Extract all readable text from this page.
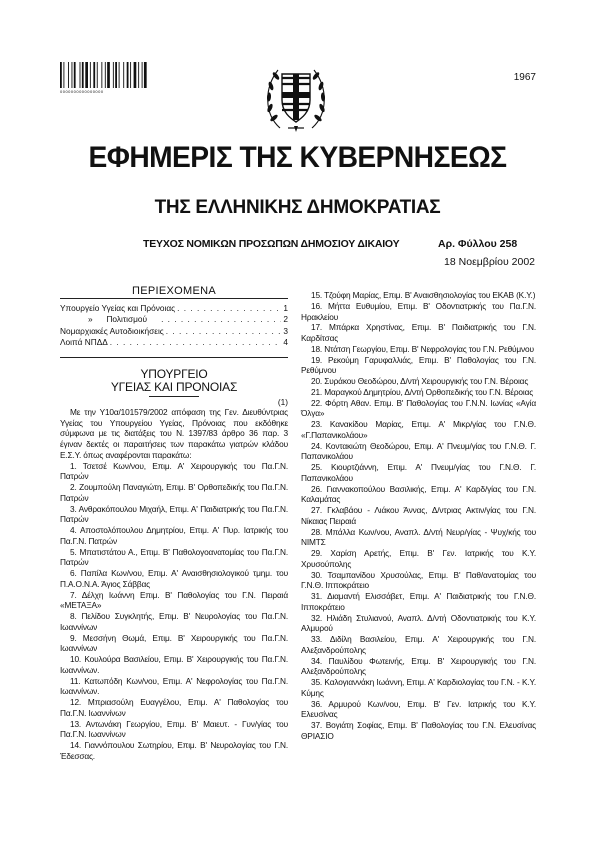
0000000000000000
1967
ΕΦΗΜΕΡΙΣ ΤΗΣ ΚΥΒΕΡΝΗΣΕΩΣ
ΤΗΣ ΕΛΛΗΝΙΚΗΣ ΔΗΜΟΚΡΑΤΙΑΣ
ΤΕΥΧΟΣ ΝΟΜΙΚΩΝ ΠΡΟΣΩΠΩΝ ΔΗΜΟΣΙΟΥ ΔΙΚΑΙΟΥ	Αρ. Φύλλου 258
18 Νοεμβρίου 2002
ΠΕΡΙΕΧΟΜΕΝΑ
Υπουργείο Υγείας και Πρόνοιας . . .	1
»      Πολιτισμού . . .	2
Νομαρχιακές Αυτοδιοικήσεις . . .	3
Λοιπά ΝΠΔΔ . . .	4
ΥΠΟΥΡΓΕΙΟ
ΥΓΕΙΑΣ ΚΑΙ ΠΡΟΝΟΙΑΣ
(1)

Με την Υ10α/101579/2002 απόφαση της Γεν. Διευθύντριας Υγείας του Υπουργείου Υγείας, Πρόνοιας που εκδόθηκε σύμφωνα με τις διατάξεις του Ν. 1397/83 άρθρο 36 παρ. 3 έγιναν δεκτές οι παραιτήσεις των παρακάτω γιατρών κλάδου Ε.Σ.Υ. όπως αναφέρονται παρακάτω:

1. Τσετσέ Κων/νου, Επιμ. Α' Χειρουργικής του Πα.Γ.Ν. Πατρών

2. Ζουμπούλη Παναγιώτη, Επιμ. Β' Ορθοπεδικής του Πα.Γ.Ν. Πατρών

3. Ανθρακόπουλου Μιχαήλ, Επιμ. Α' Παιδιατρικής του Πα.Γ.Ν. Πατρών

4. Αποστολόπουλου Δημητρίου, Επιμ. Α' Πυρ. Ιατρικής του Πα.Γ.Ν. Πατρών

5. Μπατιστάτου Α., Επιμ. Β' Παθολογοανατομίας του Πα.Γ.Ν. Πατρών

6. Παπίλα Κων/νου, Επιμ. Α' Αναισθησιολογικού τμημ. του Π.Α.Ο.Ν.Α. Άγιος Σάββας

7. Δέλχη Ιωάννη Επιμ. Β' Παθολογίας του Γ.Ν. Πειραιά «ΜΕΤΑΞΑ»

8. Πελίδου Συγκλητής, Επιμ. Β' Νευρολογίας του Πα.Γ.Ν. Ιωαννίνων

9. Μεσσήνη Θωμά, Επιμ. Β' Χειρουργικής του Πα.Γ.Ν. Ιωαννίνων

10. Κουλούρα Βασιλείου, Επιμ. Β' Χειρουργικής του Πα.Γ.Ν. Ιωαννίνων.

11. Κατωπόδη Κων/νου, Επιμ. Α' Νεφρολογίας του Πα.Γ.Ν. Ιωαννίνων.

12. Μπριασούλη Ευαγγέλου, Επιμ. Α' Παθολογίας του Πα.Γ.Ν. Ιωαννίνων

13. Αντωνάκη Γεωργίου, Επιμ. Β' Μαιευτ. - Γυν/γίας του Πα.Γ.Ν. Ιωαννίνων

14. Γιαννόπουλου Σωτηρίου, Επιμ. Β' Νευρολογίας του Γ.Ν. Έδεσσας.

15. Τζούφη Μαρίας, Επιμ. Β' Αναισθησιολογίας του ΕΚΑΒ (Κ.Υ.)

16. Μήττα Ευθυμίου, Επιμ. Β' Οδοντιατρικής του Πα.Γ.Ν. Ηρακλείου

17. Μπάρκα Χρηστίνας, Επιμ. Β' Παιδιατρικής του Γ.Ν. Καρδίτσας

18. Ντάτση Γεωργίου, Επιμ. Β' Νεφρολογίας του Γ.Ν. Ρεθύμνου

19. Ρεκούμη Γαρυφαλλιάς, Επιμ. Β' Παθολογίας του Γ.Ν. Ρεθύμνου

20. Συράκου Θεοδώρου, Δ/ντή Χειρουργικής του Γ.Ν. Βέροιας

21. Μαραγκού Δημητρίου, Δ/ντή Ορθοπεδικής του Γ.Ν. Βέροιας

22. Φόρτη Αθαν. Επιμ. Β' Παθολογίας του Γ.Ν.Ν. Ιωνίας «Αγία Όλγα»

23. Κανακίδου Μαρίας, Επιμ. Α' Μικρ/γίας του Γ.Ν.Θ. «Γ.Παπανικολάου»

24. Κοντακιώτη Θεοδώρου, Επιμ. Α' Πνευμ/γίας του Γ.Ν.Θ. Γ. Παπανικολάου

25. Κιουρτζιάννη, Επιμ. Α' Πνευμ/γίας του Γ.Ν.Θ. Γ. Παπανικολάου

26. Γιαννακοπούλου Βασιλικής, Επιμ. Α' Καρδ/γίας του Γ.Ν. Καλαμάτας

27. Γκλαβάου - Λιάκου Άννας, Δ/ντριας Ακτιν/γίας του Γ.Ν. Νίκαιας Πειραιά

28. Μπάλλα Κων/νου, Αναπλ. Δ/ντή Νευρ/γίας - Ψυχ/κής του ΝΙΜΤΣ

29. Χαρίση Αρετής, Επιμ. Β' Γεν. Ιατρικής του Κ.Υ. Χρυσούπολης

30. Τσαμπανίδου Χρυσούλας, Επιμ. Β' Παθ/ανατομίας του Γ.Ν.Θ. Ιπποκράτειο

31. Διαμαντή Ελισσάβετ, Επιμ. Α' Παιδιατρικής του Γ.Ν.Θ. Ιπποκράτειο

32. Ηλιάδη Στυλιανού, Αναπλ. Δ/ντή Οδοντιατρικής του Κ.Υ. Αλμυρού

33. Διδίλη Βασιλείου, Επιμ. Α' Χειρουργικής του Γ.Ν. Αλεξανδρούπολης

34. Παυλίδου Φωτεινής, Επιμ. Β' Χειρουργικής του Γ.Ν. Αλεξανδρούπολης

35. Καλογιαννάκη Ιωάννη, Επιμ. Α' Καρδιολογίας του Γ.Ν. - Κ.Υ. Κύμης

36. Αρμυρού Κων/νου, Επιμ. Β' Γεν. Ιατρικής του Κ.Υ. Ελευσίνας

37. Βογιάτη Σοφίας, Επιμ. Β' Παθολογίας του Γ.Ν. Ελευσίνας ΘΡΙΑΣΙΟ
